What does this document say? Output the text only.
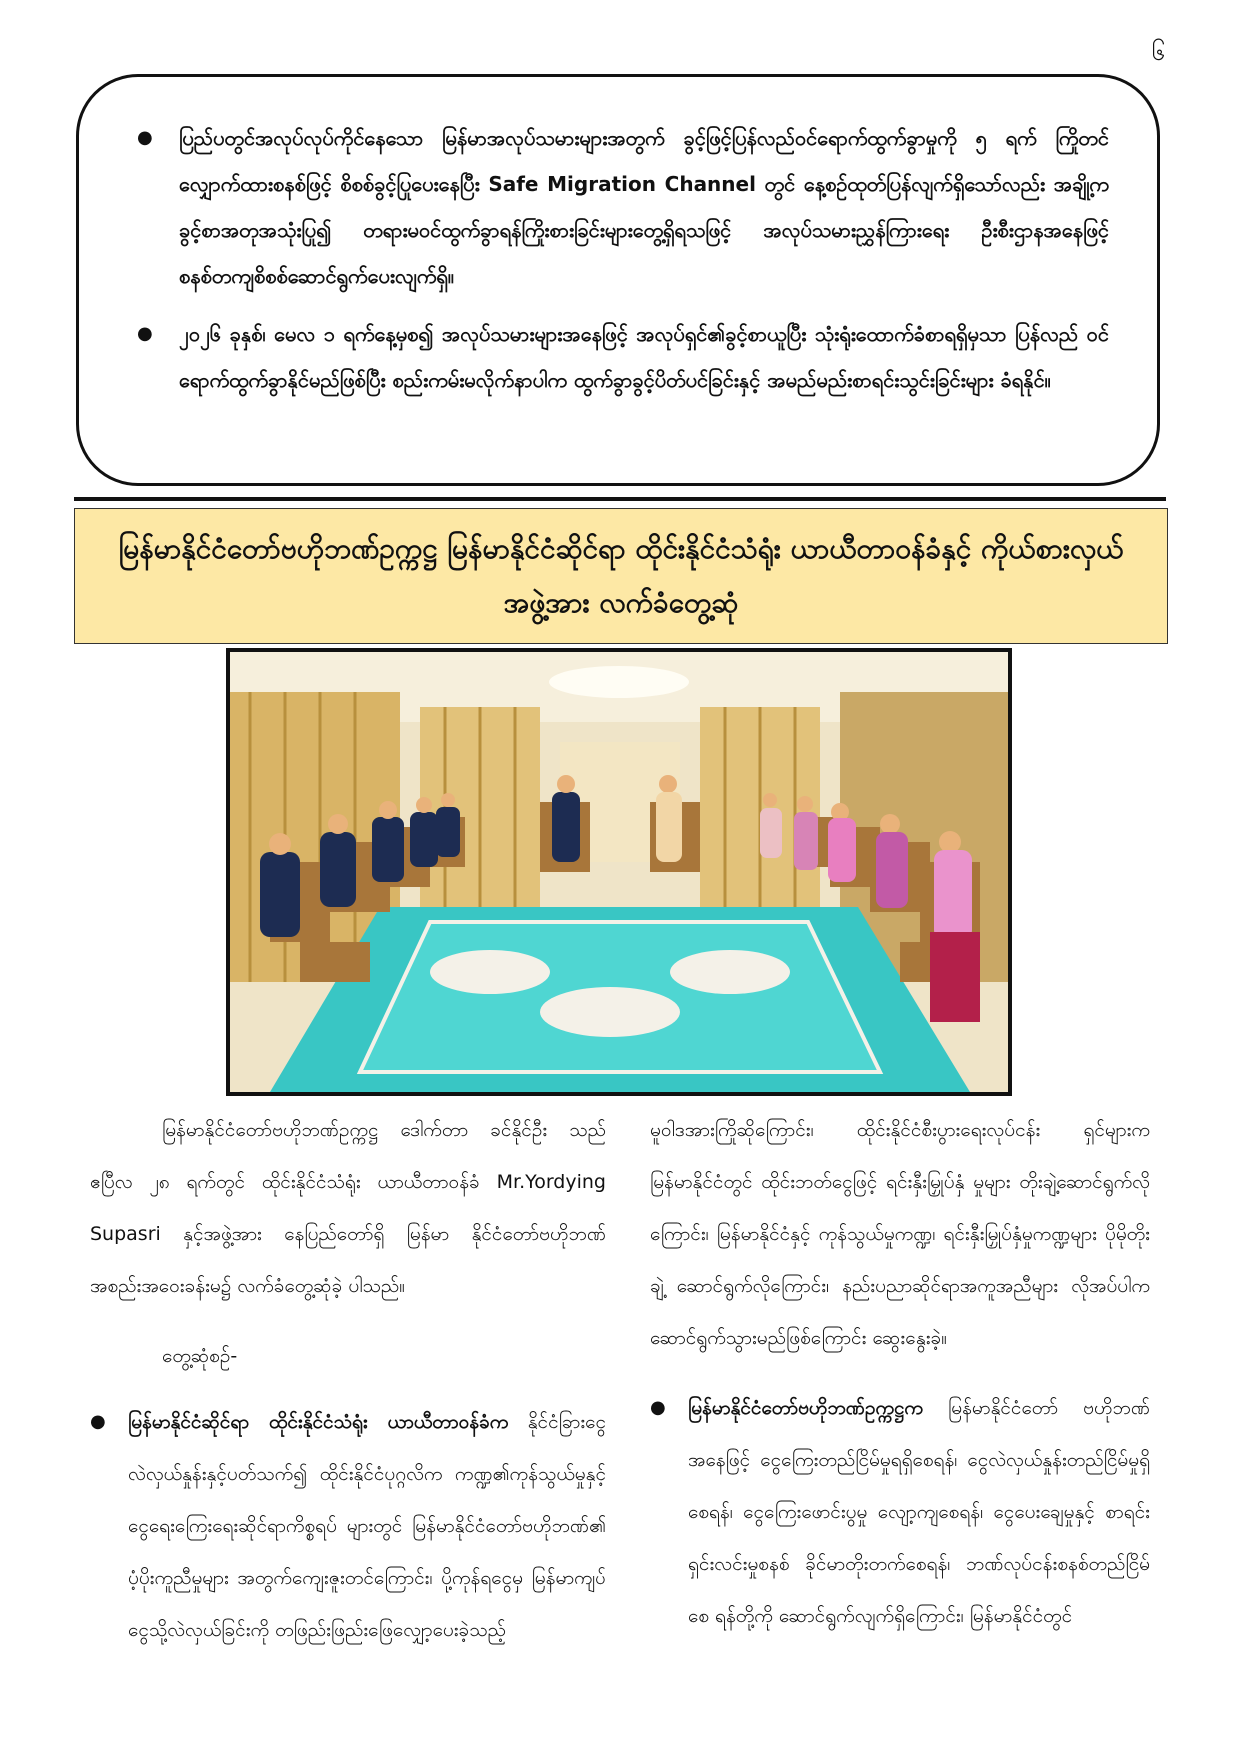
၆

● ပြည်ပတွင်အလုပ်လုပ်ကိုင်နေသော မြန်မာအလုပ်သမားများအတွက် ခွင့်ဖြင့်ပြန်လည်ဝင်ရောက်ထွက်ခွာမှုကို ၅ ရက် ကြိုတင်လျှောက်ထားစနစ်ဖြင့် စိစစ်ခွင့်ပြုပေးနေပြီး Safe Migration Channel တွင် နေ့စဉ်ထုတ်ပြန်လျက်ရှိသော်လည်း အချို့ကခွင့်စာအတုအသုံးပြု၍ တရားမဝင်ထွက်ခွာရန်ကြိုးစားခြင်းများတွေ့ရှိရသဖြင့် အလုပ်သမားညွှန်ကြားရေး ဦးစီးဌာနအနေဖြင့် စနစ်တကျစိစစ်ဆောင်ရွက်ပေးလျက်ရှိ။

● ၂၀၂၆ ခုနှစ်၊ မေလ ၁ ရက်နေ့မှစ၍ အလုပ်သမားများအနေဖြင့် အလုပ်ရှင်၏ခွင့်စာယူပြီး သုံးရုံးထောက်ခံစာရရှိမှသာ ပြန်လည် ဝင်ရောက်ထွက်ခွာနိုင်မည်ဖြစ်ပြီး စည်းကမ်းမလိုက်နာပါက ထွက်ခွာခွင့်ပိတ်ပင်ခြင်းနှင့် အမည်မည်းစာရင်းသွင်းခြင်းများ ခံရနိုင်။

မြန်မာနိုင်ငံတော်ဗဟိုဘဏ်ဥက္ကဋ္ဌ မြန်မာနိုင်ငံဆိုင်ရာ ထိုင်းနိုင်ငံသံရုံး ယာယီတာဝန်ခံနှင့် ကိုယ်စားလှယ်အဖွဲ့အား လက်ခံတွေ့ဆုံ

မြန်မာနိုင်ငံတော်ဗဟိုဘဏ်ဥက္ကဋ္ဌ ဒေါက်တာ ခင်နိုင်ဦး သည် ဧပြီလ ၂၈ ရက်တွင် ထိုင်းနိုင်ငံသံရုံး ယာယီတာဝန်ခံ Mr.Yordying Supasri နှင့်အဖွဲ့အား နေပြည်တော်ရှိ မြန်မာ နိုင်ငံတော်ဗဟိုဘဏ်အစည်းအဝေးခန်းမ၌ လက်ခံတွေ့ဆုံခဲ့ ပါသည်။

တွေ့ဆုံစဉ်-

● မြန်မာနိုင်ငံဆိုင်ရာ ထိုင်းနိုင်ငံသံရုံး ယာယီတာဝန်ခံက နိုင်ငံခြားငွေလဲလှယ်နှုန်းနှင့်ပတ်သက်၍ ထိုင်းနိုင်ငံပုဂ္ဂလိက ကဏ္ဍ၏ကုန်သွယ်မှုနှင့် ငွေရေးကြေးရေးဆိုင်ရာကိစ္စရပ် များတွင် မြန်မာနိုင်ငံတော်ဗဟိုဘဏ်၏ ပံ့ပိုးကူညီမှုများ အတွက်ကျေးဇူးတင်ကြောင်း၊ ပို့ကုန်ရငွေမှ မြန်မာကျပ် ငွေသို့လဲလှယ်ခြင်းကို တဖြည်းဖြည်းဖြေလျှော့ပေးခဲ့သည့်

မူဝါဒအားကြိုဆိုကြောင်း၊ ထိုင်းနိုင်ငံစီးပွားရေးလုပ်ငန်း ရှင်များက မြန်မာနိုင်ငံတွင် ထိုင်းဘတ်ငွေဖြင့် ရင်းနှီးမြှုပ်နှံ မှုများ တိုးချဲ့ဆောင်ရွက်လိုကြောင်း၊ မြန်မာနိုင်ငံနှင့် ကုန်သွယ်မှုကဏ္ဍ၊ ရင်းနှီးမြှုပ်နှံမှုကဏ္ဍများ ပိုမိုတိုးချဲ့ ဆောင်ရွက်လိုကြောင်း၊ နည်းပညာဆိုင်ရာအကူအညီများ လိုအပ်ပါက ဆောင်ရွက်သွားမည်ဖြစ်ကြောင်း ဆွေးနွေးခဲ့။

● မြန်မာနိုင်ငံတော်ဗဟိုဘဏ်ဥက္ကဋ္ဌက မြန်မာနိုင်ငံတော် ဗဟိုဘဏ်အနေဖြင့် ငွေကြေးတည်ငြိမ်မှုရရှိစေရန်၊ ငွေလဲလှယ်နှုန်းတည်ငြိမ်မှုရှိစေရန်၊ ငွေကြေးဖောင်းပွမှု လျော့ကျစေရန်၊ ငွေပေးချေမှုနှင့် စာရင်းရှင်းလင်းမှုစနစ် ခိုင်မာတိုးတက်စေရန်၊ ဘဏ်လုပ်ငန်းစနစ်တည်ငြိမ်စေ ရန်တို့ကို ဆောင်ရွက်လျက်ရှိကြောင်း၊ မြန်မာနိုင်ငံတွင်
